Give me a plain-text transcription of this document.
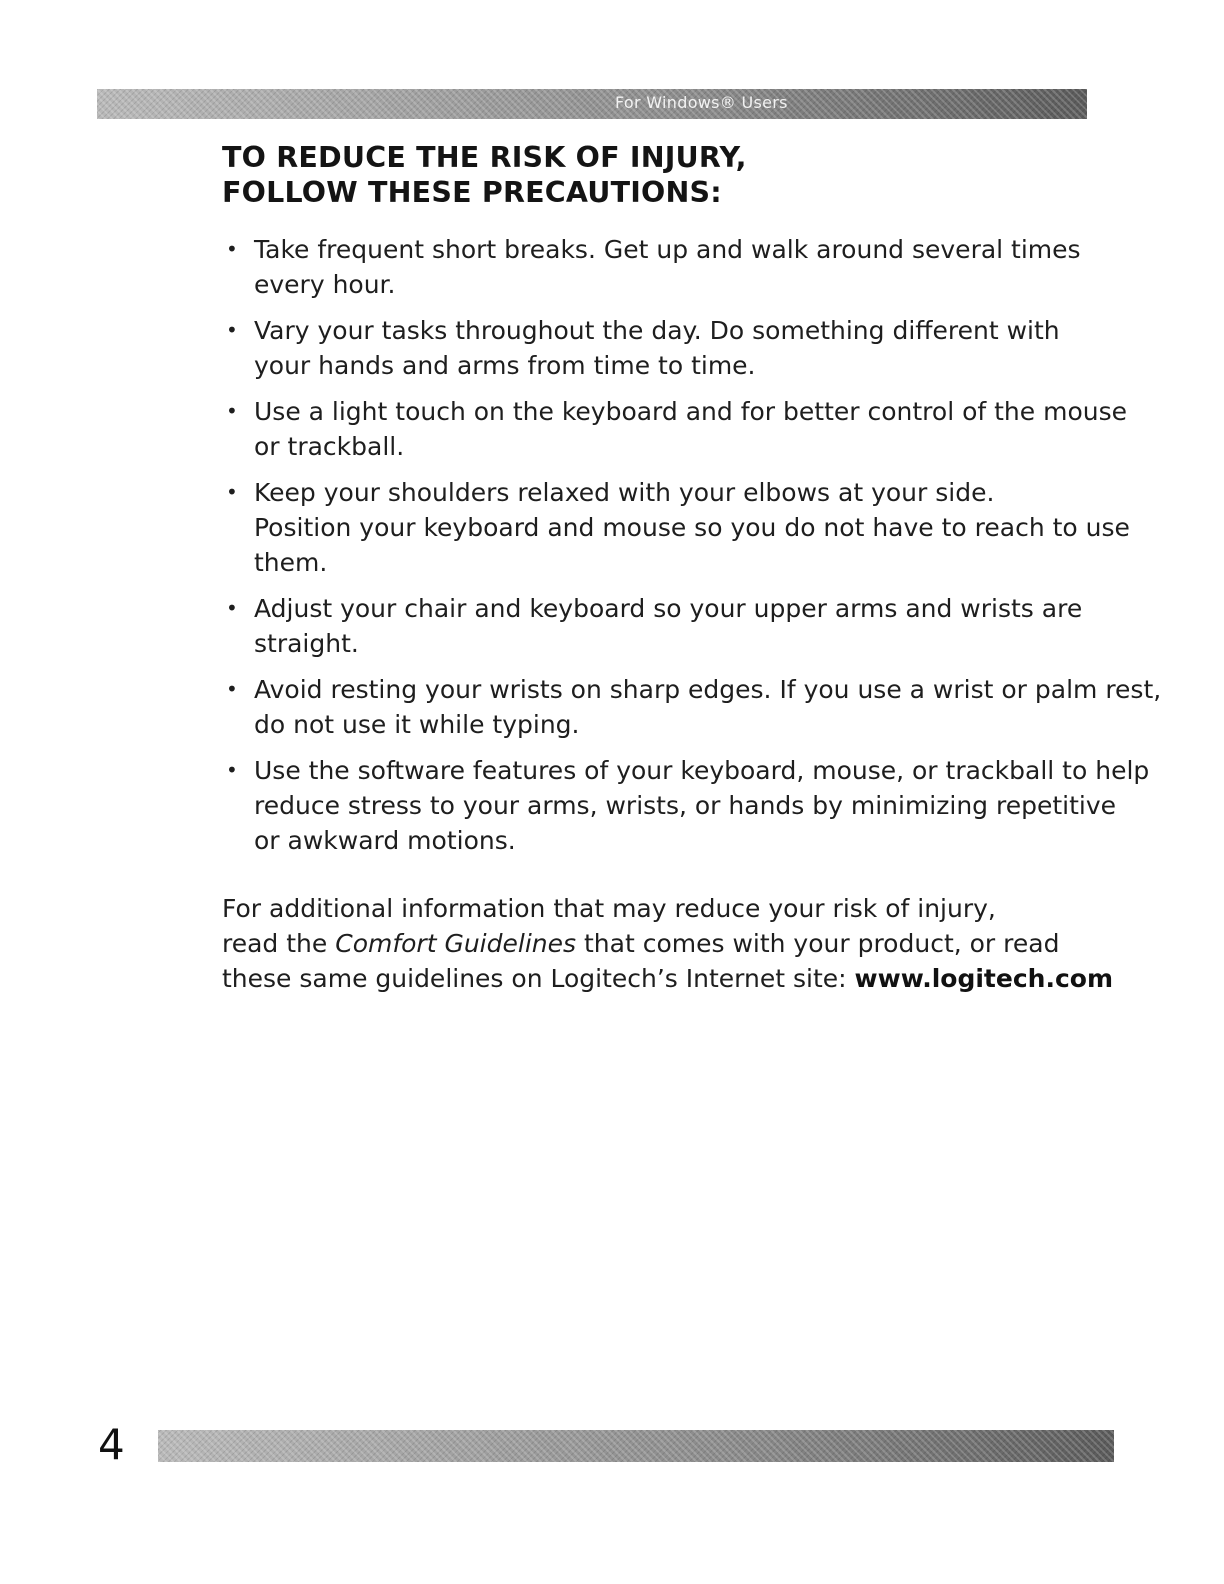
For Windows® Users
TO REDUCE THE RISK OF INJURY,
FOLLOW THESE PRECAUTIONS:
• Take frequent short breaks. Get up and walk around several times
every hour.
• Vary your tasks throughout the day. Do something different with
your hands and arms from time to time.
• Use a light touch on the keyboard and for better control of the mouse
or trackball.
• Keep your shoulders relaxed with your elbows at your side.
Position your keyboard and mouse so you do not have to reach to use
them.
• Adjust your chair and keyboard so your upper arms and wrists are
straight.
• Avoid resting your wrists on sharp edges. If you use a wrist or palm rest,
do not use it while typing.
• Use the software features of your keyboard, mouse, or trackball to help
reduce stress to your arms, wrists, or hands by minimizing repetitive
or awkward motions.

For additional information that may reduce your risk of injury,
read the Comfort Guidelines that comes with your product, or read
these same guidelines on Logitech’s Internet site: www.logitech.com

4
